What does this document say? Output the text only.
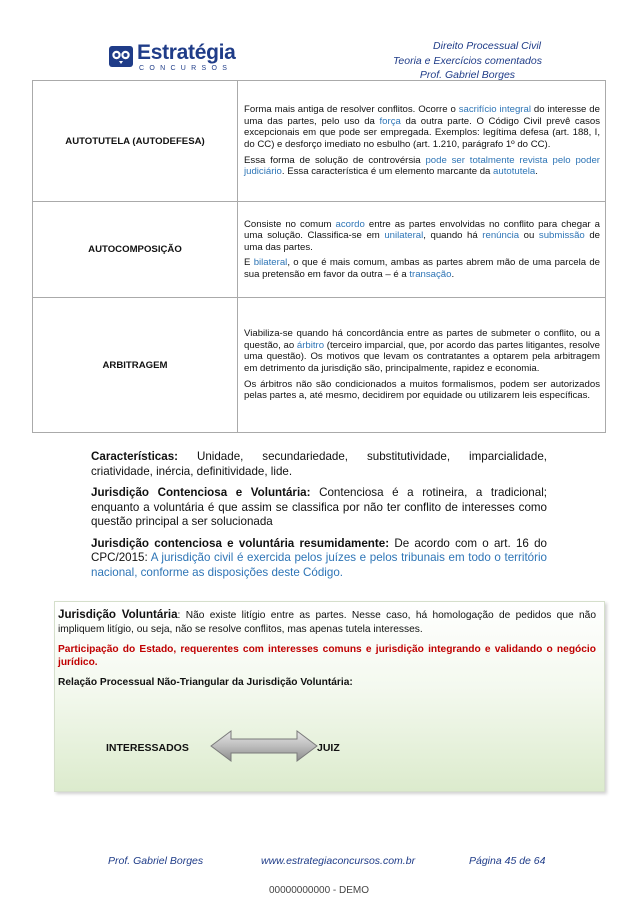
Estratégia
CONCURSOS
Direito Processual Civil
Teoria e Exercícios comentados
Prof. Gabriel Borges
AUTOTUTELA (AUTODEFESA)	Forma mais antiga de resolver conflitos. Ocorre o sacrifício integral do interesse de uma das partes, pelo uso da força da outra parte. O Código Civil prevê casos excepcionais em que pode ser empregada. Exemplos: legítima defesa (art. 188, I, do CC) e desforço imediato no esbulho (art. 1.210, parágrafo 1º do CC).

Essa forma de solução de controvérsia pode ser totalmente revista pelo poder judiciário. Essa característica é um elemento marcante da autotutela.

AUTOCOMPOSIÇÃO	Consiste no comum acordo entre as partes envolvidas no conflito para chegar a uma solução. Classifica-se em unilateral, quando há renúncia ou submissão de uma das partes.

E bilateral, o que é mais comum, ambas as partes abrem mão de uma parcela de sua pretensão em favor da outra – é a transação.

ARBITRAGEM	Viabiliza-se quando há concordância entre as partes de submeter o conflito, ou a questão, ao árbitro (terceiro imparcial, que, por acordo das partes litigantes, resolve uma questão). Os motivos que levam os contratantes a optarem pela arbitragem em detrimento da jurisdição são, principalmente, rapidez e economia.

Os árbitros não são condicionados a muitos formalismos, podem ser autorizados pelas partes a, até mesmo, decidirem por equidade ou utilizarem leis específicas.

Características: Unidade, secundariedade, substitutividade, imparcialidade, criatividade, inércia, definitividade, lide.

Jurisdição Contenciosa e Voluntária: Contenciosa é a rotineira, a tradicional; enquanto a voluntária é que assim se classifica por não ter conflito de interesses como questão principal a ser solucionada

Jurisdição contenciosa e voluntária resumidamente: De acordo com o art. 16 do CPC/2015: A jurisdição civil é exercida pelos juízes e pelos tribunais em todo o território nacional, conforme as disposições deste Código.

Jurisdição Voluntária: Não existe litígio entre as partes. Nesse caso, há homologação de pedidos que não impliquem litígio, ou seja, não se resolve conflitos, mas apenas tutela interesses.

Participação do Estado, requerentes com interesses comuns e jurisdição integrando e validando o negócio jurídico.

Relação Processual Não-Triangular da Jurisdição Voluntária:

INTERESSADOS	JUIZ
Prof. Gabriel Borges	www.estrategiaconcursos.com.br	Página 45 de 64
00000000000 - DEMO
